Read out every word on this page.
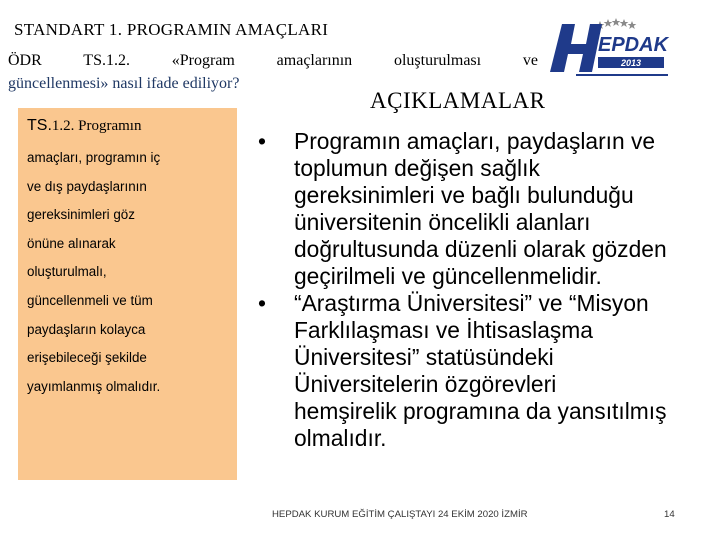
STANDART 1. PROGRAMIN AMAÇLARI
ÖDR TS.1.2. «Program amaçlarının oluşturulması ve
güncellenmesi» nasıl ifade ediliyor?
EPDAK
2013
AÇIKLAMALAR
TS.1.2. Programın
amaçları, programın iç
ve dış paydaşlarının
gereksinimleri göz
önüne alınarak
oluşturulmalı,
güncellenmeli ve tüm
paydaşların kolayca
erişebileceği şekilde
yayımlanmış olmalıdır.
• Programın amaçları, paydaşların ve
toplumun değişen sağlık
gereksinimleri ve bağlı bulunduğu
üniversitenin öncelikli alanları
doğrultusunda düzenli olarak gözden
geçirilmeli ve güncellenmelidir.
• “Araştırma Üniversitesi” ve “Misyon
Farklılaşması ve İhtisaslaşma
Üniversitesi” statüsündeki
Üniversitelerin özgörevleri
hemşirelik programına da yansıtılmış
olmalıdır.
HEPDAK KURUM EĞİTİM ÇALIŞTAYI 24 EKİM 2020 İZMİR	14
